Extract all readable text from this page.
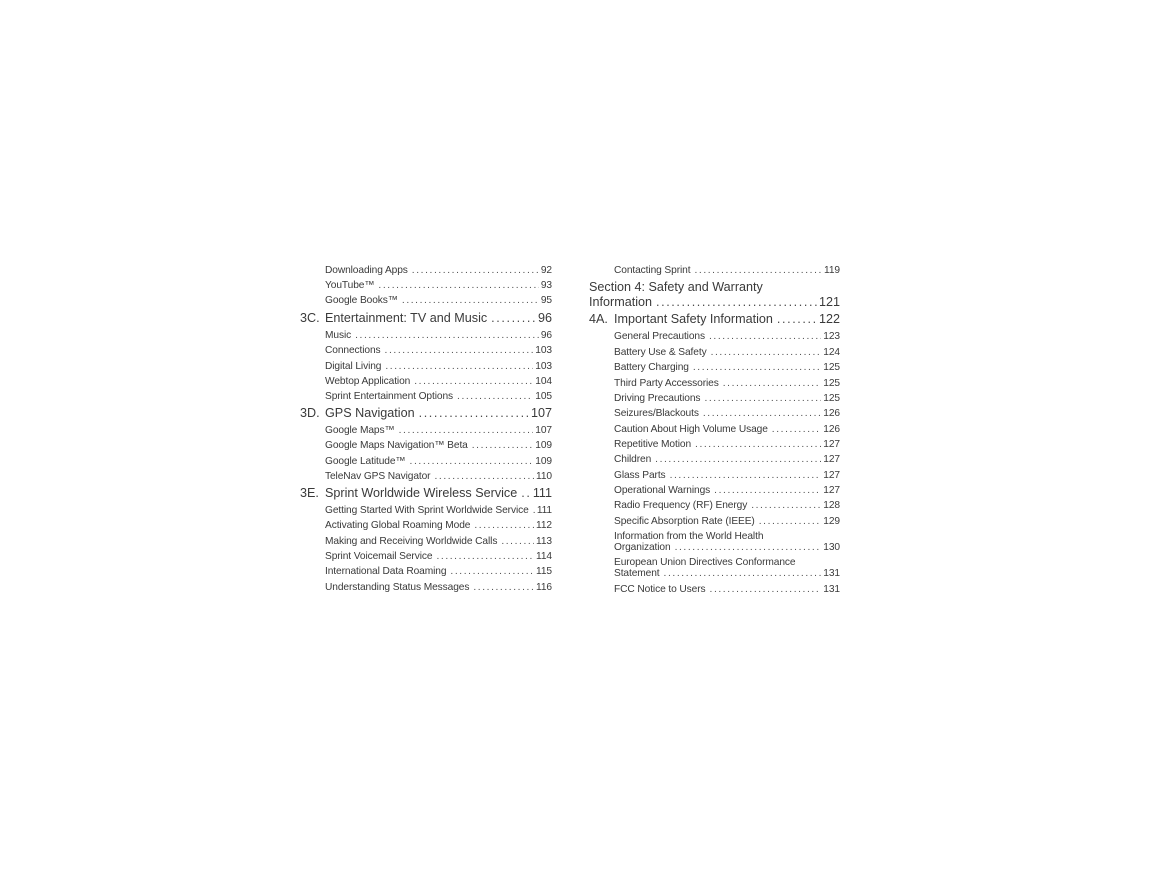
Downloading Apps .....	92
YouTube™ .....	93
Google Books™ .....	95
3C. Entertainment: TV and Music .....	96
Music .....	96
Connections .....	103
Digital Living .....	103
Webtop Application .....	104
Sprint Entertainment Options .....	105
3D. GPS Navigation .....	107
Google Maps™ .....	107
Google Maps Navigation™ Beta .....	109
Google Latitude™ .....	109
TeleNav GPS Navigator .....	110
3E. Sprint Worldwide Wireless Service ..... 111
Getting Started With Sprint Worldwide Service ..... 111
Activating Global Roaming Mode .....	112
Making and Receiving Worldwide Calls .....	113
Sprint Voicemail Service .....	114
International Data Roaming .....	115
Understanding Status Messages .....	116
Contacting Sprint .....	119
Section 4: Safety and Warranty
Information .....	121
4A. Important Safety Information .....	122
General Precautions .....	123
Battery Use & Safety .....	124
Battery Charging .....	125
Third Party Accessories .....	125
Driving Precautions .....	125
Seizures/Blackouts .....	126
Caution About High Volume Usage .....	126
Repetitive Motion .....	127
Children .....	127
Glass Parts .....	127
Operational Warnings .....	127
Radio Frequency (RF) Energy .....	128
Specific Absorption Rate (IEEE) .....	129
Information from the World Health
Organization .....	130
European Union Directives Conformance
Statement .....	131
FCC Notice to Users .....	131
